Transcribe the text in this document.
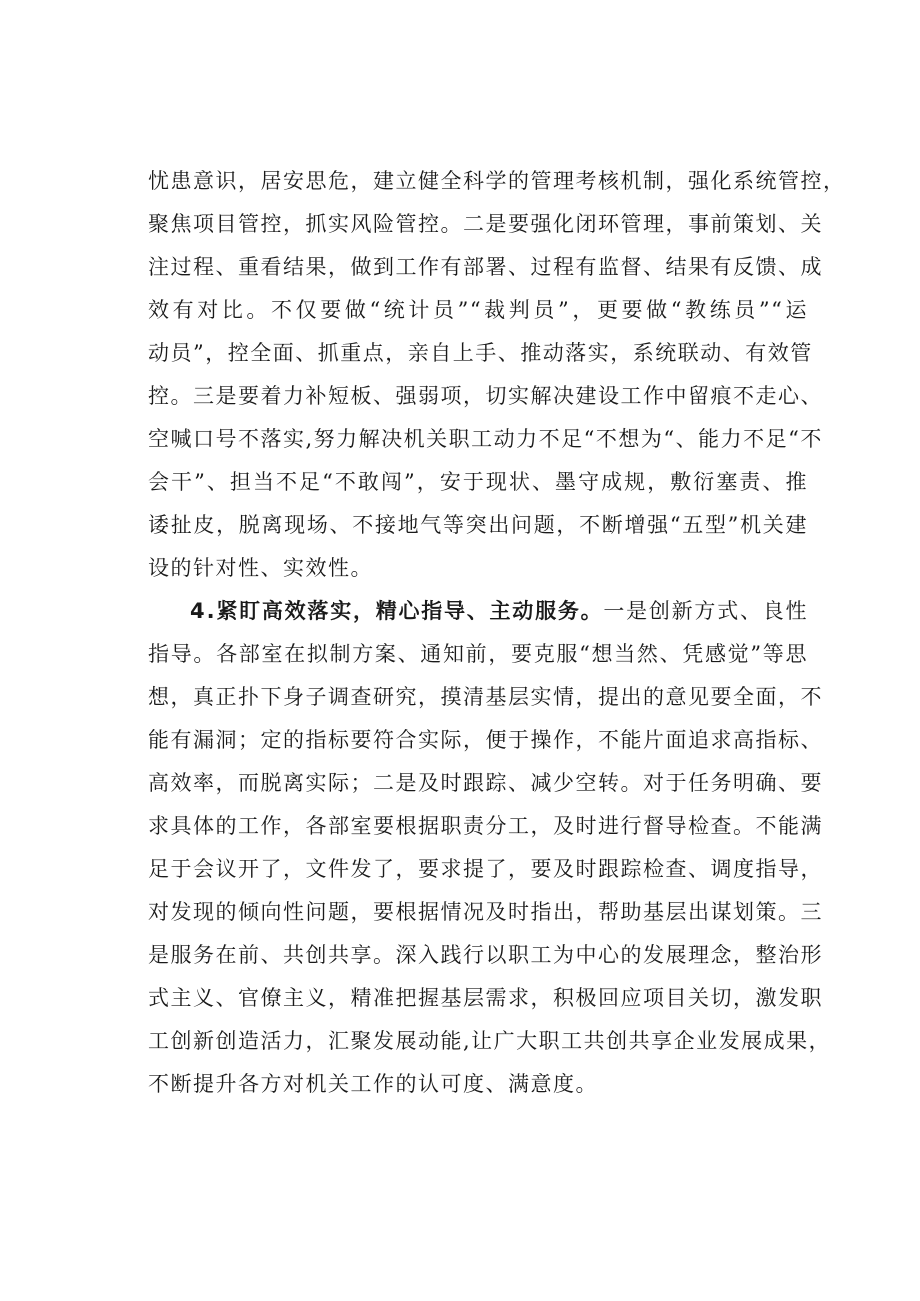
忧患意识，居安思危，建立健全科学的管理考核机制，强化系统管控，
聚焦项目管控，抓实风险管控。二是要强化闭环管理，事前策划、关
注过程、重看结果，做到工作有部署、过程有监督、结果有反馈、成
效有对比。不仅要做“统计员”“裁判员”，更要做“教练员”“运
动员”，控全面、抓重点，亲自上手、推动落实，系统联动、有效管
控。三是要着力补短板、强弱项，切实解决建设工作中留痕不走心、
空喊口号不落实,努力解决机关职工动力不足“不想为“、能力不足“不
会干”、担当不足“不敢闯”，安于现状、墨守成规，敷衍塞责、推
诿扯皮，脱离现场、不接地气等突出问题，不断增强“五型”机关建
设的针对性、实效性。
4.紧盯高效落实，精心指导、主动服务。一是创新方式、良性
指导。各部室在拟制方案、通知前，要克服“想当然、凭感觉”等思
想，真正扑下身子调查研究，摸清基层实情，提出的意见要全面，不
能有漏洞；定的指标要符合实际，便于操作，不能片面追求高指标、
高效率，而脱离实际；二是及时跟踪、减少空转。对于任务明确、要
求具体的工作，各部室要根据职责分工，及时进行督导检查。不能满
足于会议开了，文件发了，要求提了，要及时跟踪检查、调度指导，
对发现的倾向性问题，要根据情况及时指出，帮助基层出谋划策。三
是服务在前、共创共享。深入践行以职工为中心的发展理念，整治形
式主义、官僚主义，精准把握基层需求，积极回应项目关切，激发职
工创新创造活力，汇聚发展动能,让广大职工共创共享企业发展成果，
不断提升各方对机关工作的认可度、满意度。
